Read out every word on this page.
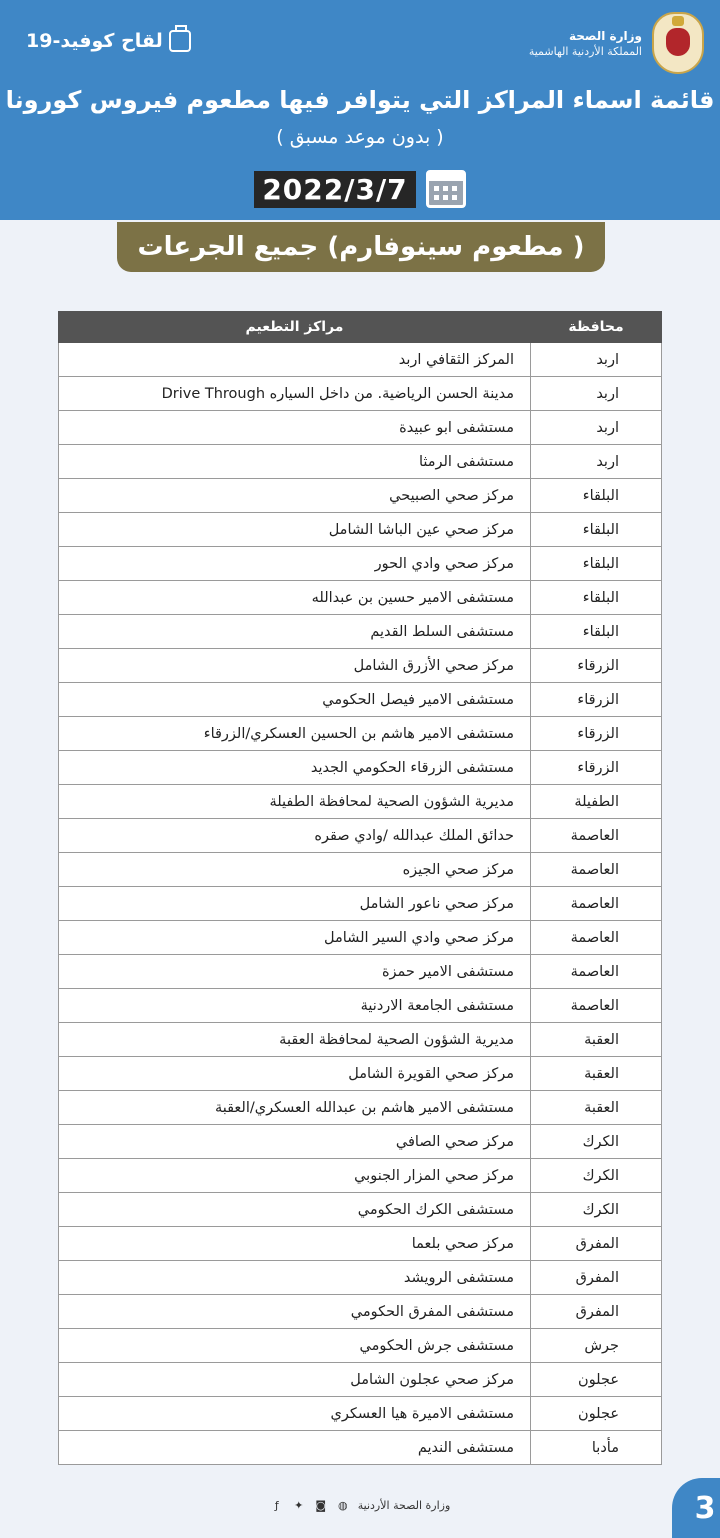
وزارة الصحة
المملكة الأردنية الهاشمية
لقاح كوفيد-19
قائمة اسماء المراكز التي يتوافر فيها مطعوم فيروس كورونا
( بدون موعد مسبق )
2022/3/7
( مطعوم سينوفارم) جميع الجرعات
محافظة	مراكز التطعيم
اربد	المركز الثقافي اربد
اربد	مدينة الحسن الرياضية. من داخل السياره Drive Through
اربد	مستشفى ابو عبيدة
اربد	مستشفى الرمثا
البلقاء	مركز صحي الصبيحي
البلقاء	مركز صحي عين الباشا الشامل
البلقاء	مركز صحي وادي الحور
البلقاء	مستشفى الامير حسين بن عبدالله
البلقاء	مستشفى السلط القديم
الزرقاء	مركز صحي الأزرق الشامل
الزرقاء	مستشفى الامير فيصل الحكومي
الزرقاء	مستشفى الامير هاشم بن الحسين العسكري/الزرقاء
الزرقاء	مستشفى الزرقاء الحكومي الجديد
الطفيلة	مديرية الشؤون الصحية لمحافظة الطفيلة
العاصمة	حدائق الملك عبدالله /وادي صقره
العاصمة	مركز صحي الجيزه
العاصمة	مركز صحي ناعور الشامل
العاصمة	مركز صحي وادي السير الشامل
العاصمة	مستشفى الامير حمزة
العاصمة	مستشفى الجامعة الاردنية
العقبة	مديرية الشؤون الصحية لمحافظة العقبة
العقبة	مركز صحي القويرة الشامل
العقبة	مستشفى الامير هاشم بن عبدالله العسكري/العقبة
الكرك	مركز صحي الصافي
الكرك	مركز صحي المزار الجنوبي
الكرك	مستشفى الكرك الحكومي
المفرق	مركز صحي بلعما
المفرق	مستشفى الرويشد
المفرق	مستشفى المفرق الحكومي
جرش	مستشفى جرش الحكومي
عجلون	مركز صحي عجلون الشامل
عجلون	مستشفى الاميرة هيا العسكري
مأدبا	مستشفى النديم
وزارة الصحة الأردنية
◍
◙
✦
ƒ	3
